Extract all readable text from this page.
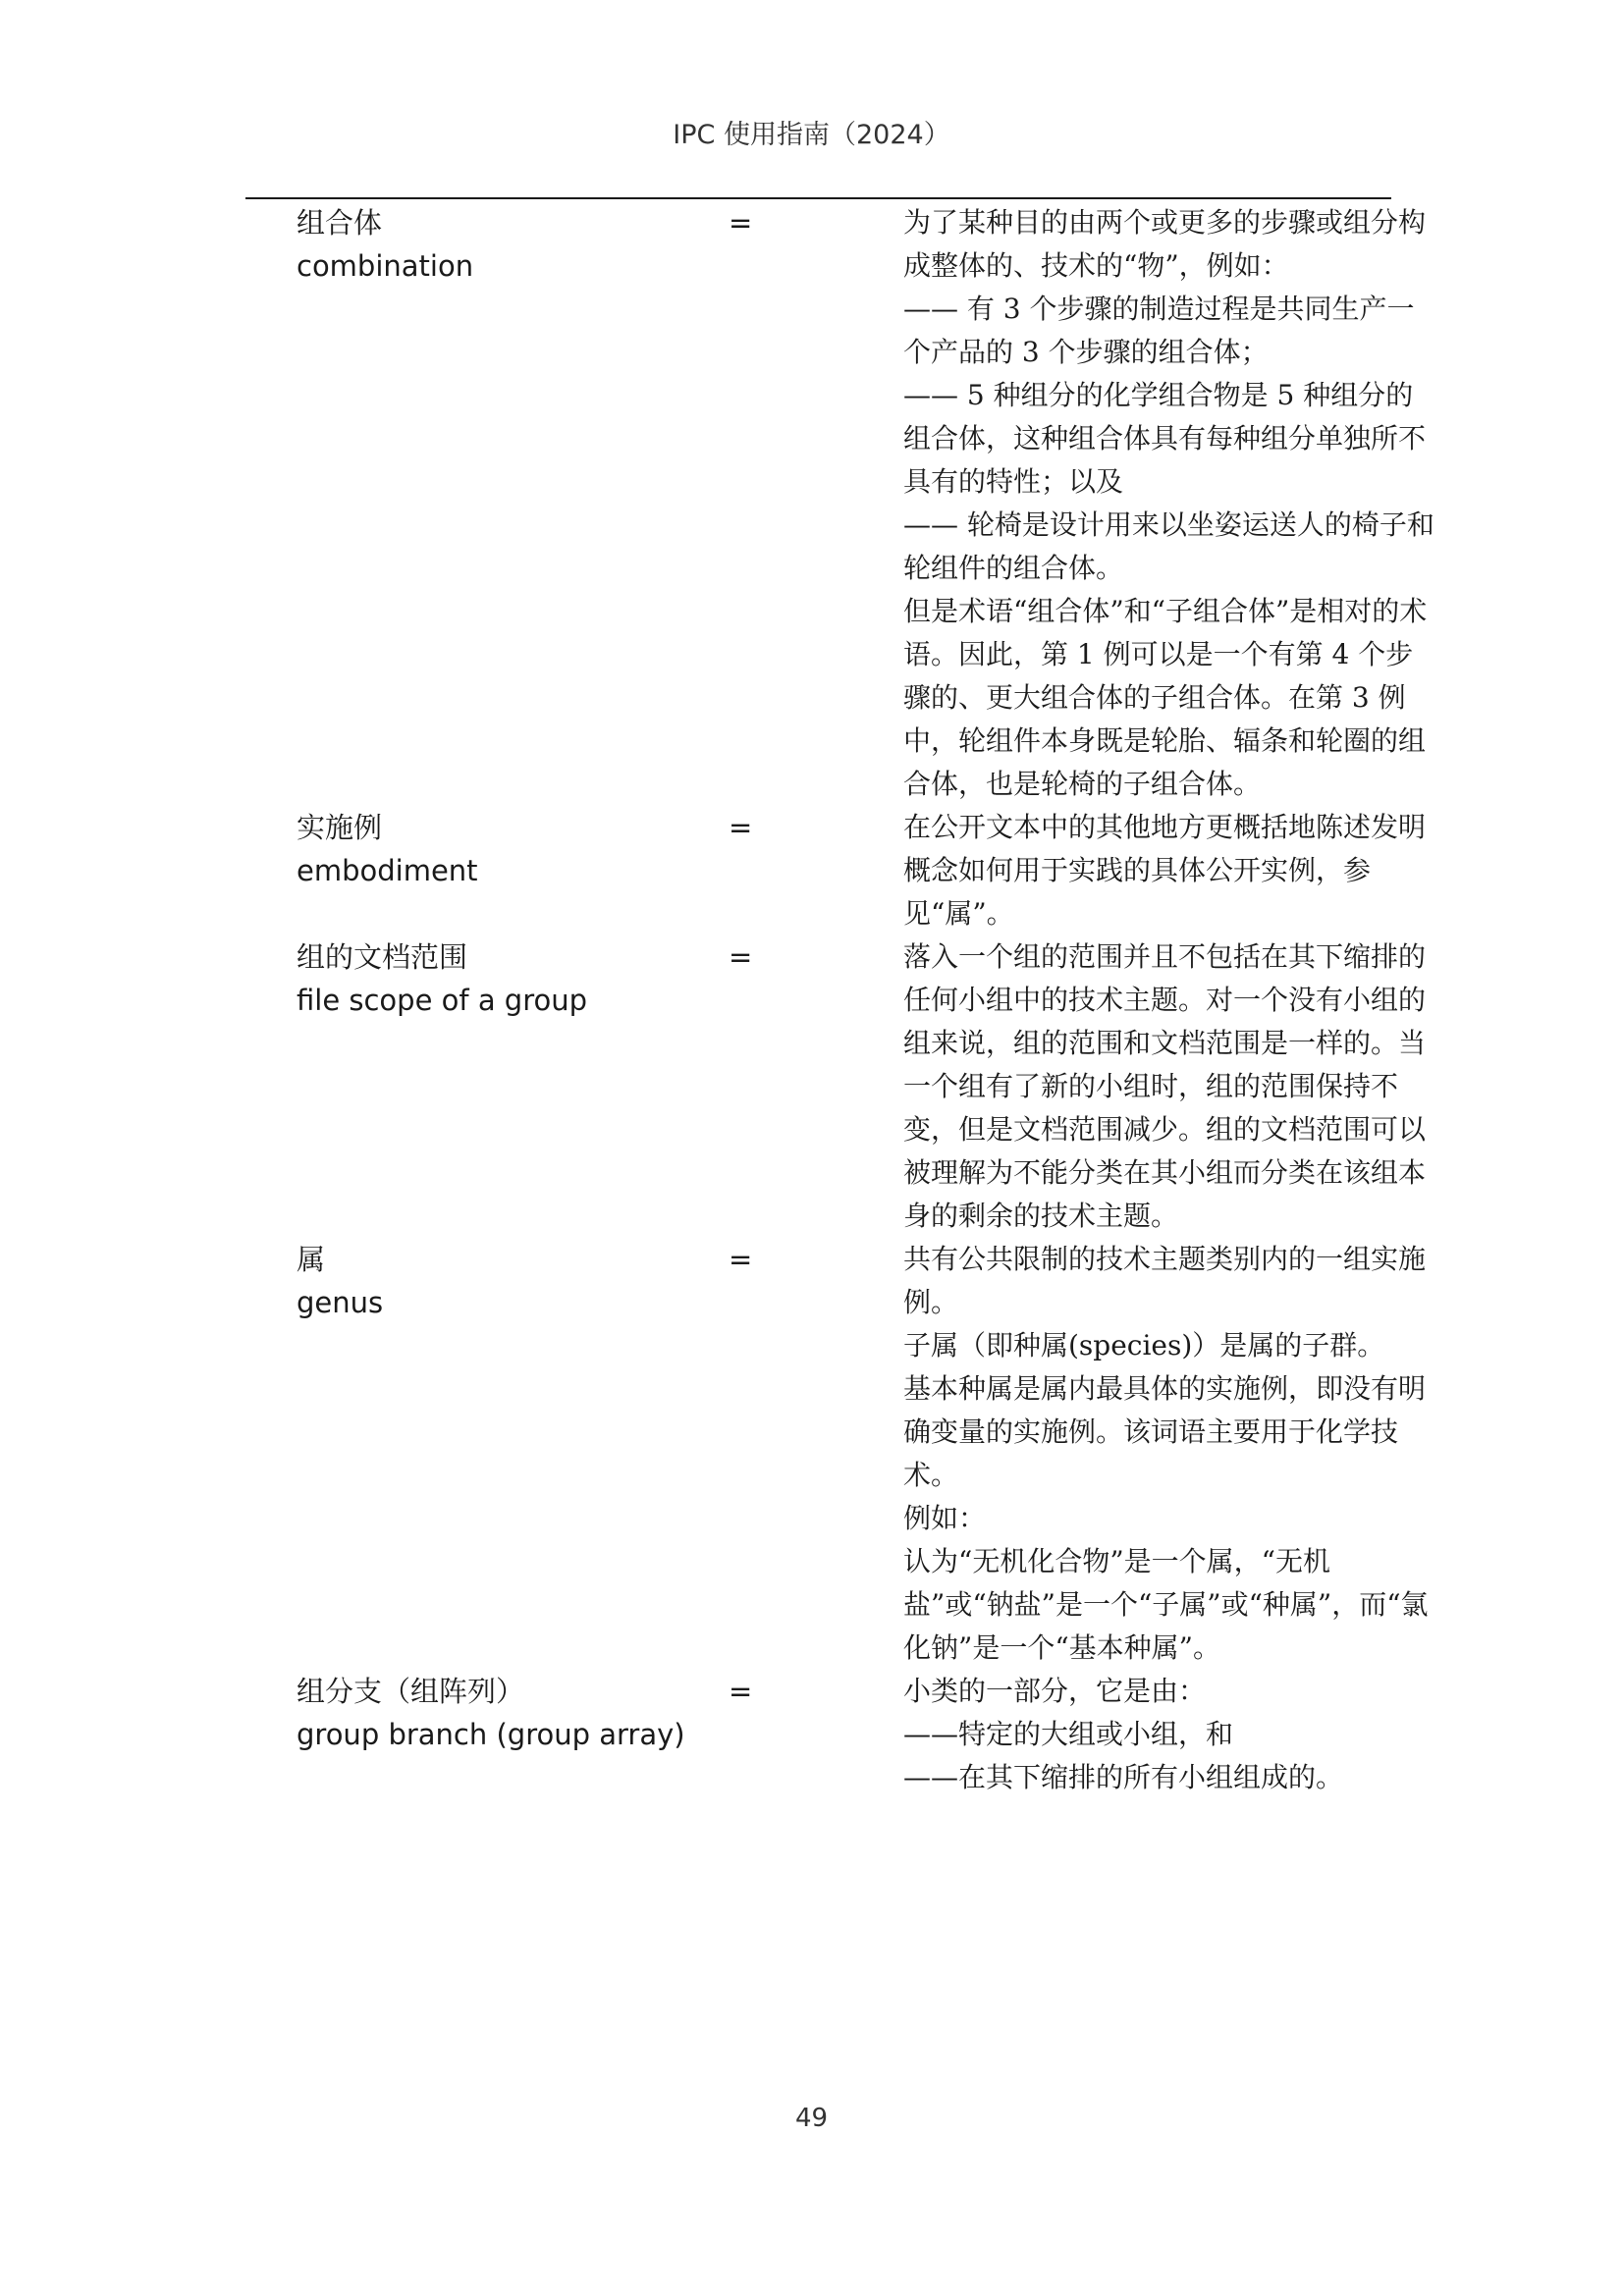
IPC 使用指南（2024）
组合体
combination
=	为了某种目的由两个或更多的步骤或组分构成整体的、技术的“物”，例如：

—— 有 3 个步骤的制造过程是共同生产一个产品的 3 个步骤的组合体；

—— 5 种组分的化学组合物是 5 种组分的组合体，这种组合体具有每种组分单独所不具有的特性；以及

—— 轮椅是设计用来以坐姿运送人的椅子和轮组件的组合体。

但是术语“组合体”和“子组合体”是相对的术语。因此，第 1 例可以是一个有第 4 个步骤的、更大组合体的子组合体。在第 3 例中，轮组件本身既是轮胎、辐条和轮圈的组合体，也是轮椅的子组合体。

实施例
embodiment
=	在公开文本中的其他地方更概括地陈述发明概念如何用于实践的具体公开实例，参见“属”。

组的文档范围
file scope of a group
=	落入一个组的范围并且不包括在其下缩排的任何小组中的技术主题。对一个没有小组的组来说，组的范围和文档范围是一样的。当一个组有了新的小组时，组的范围保持不变，但是文档范围减少。组的文档范围可以被理解为不能分类在其小组而分类在该组本身的剩余的技术主题。

属
genus
=	共有公共限制的技术主题类别内的一组实施例。

子属（即种属(species)）是属的子群。

基本种属是属内最具体的实施例，即没有明确变量的实施例。该词语主要用于化学技术。

例如：

认为“无机化合物”是一个属，“无机盐”或“钠盐”是一个“子属”或“种属”，而“氯化钠”是一个“基本种属”。

组分支（组阵列）
group branch (group array)
=	小类的一部分，它是由：

——特定的大组或小组，和

——在其下缩排的所有小组组成的。

49
